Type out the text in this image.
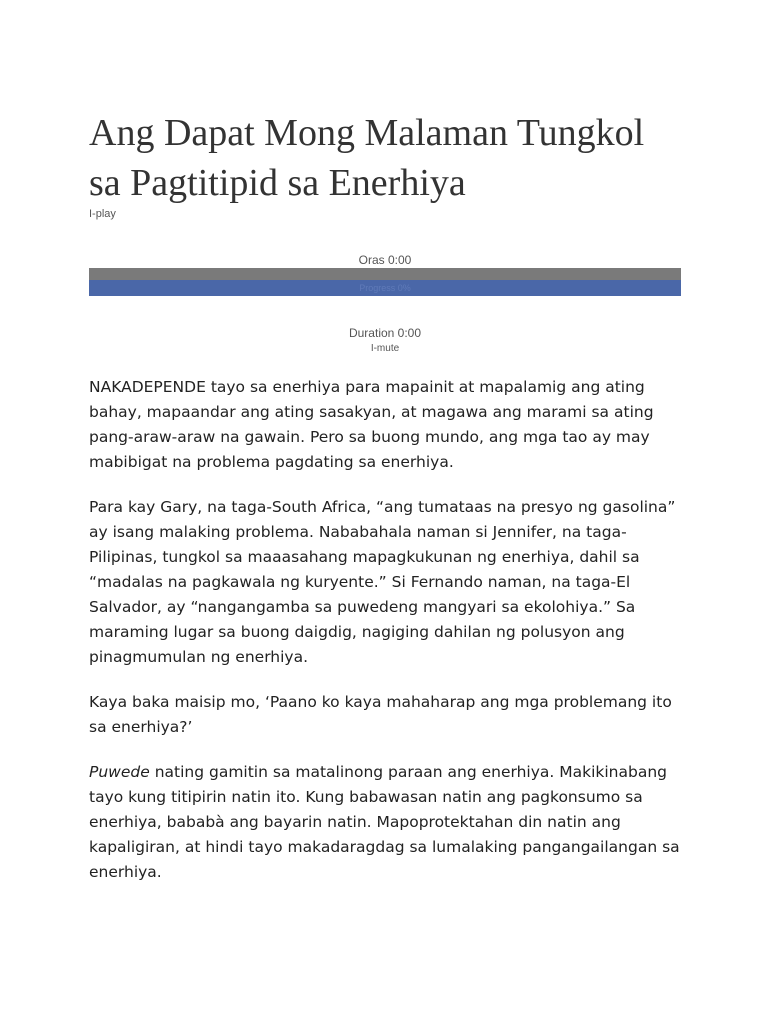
Ang Dapat Mong Malaman Tungkol sa Pagtitipid sa Enerhiya
I-play
Oras 0:00
Progress 0%
Duration 0:00
I-mute

NAKADEPENDE tayo sa enerhiya para mapainit at mapalamig ang ating bahay, mapaandar ang ating sasakyan, at magawa ang marami sa ating pang-araw-araw na gawain. Pero sa buong mundo, ang mga tao ay may mabibigat na problema pagdating sa enerhiya.

Para kay Gary, na taga-South Africa, “ang tumataas na presyo ng gasolina” ay isang malaking problema. Nababahala naman si Jennifer, na taga-Pilipinas, tungkol sa maaasahang mapagkukunan ng enerhiya, dahil sa “madalas na pagkawala ng kuryente.” Si Fernando naman, na taga-El Salvador, ay “nangangamba sa puwedeng mangyari sa ekolohiya.” Sa maraming lugar sa buong daigdig, nagiging dahilan ng polusyon ang pinagmumulan ng enerhiya.

Kaya baka maisip mo, ‘Paano ko kaya mahaharap ang mga problemang ito sa enerhiya?’

Puwede nating gamitin sa matalinong paraan ang enerhiya. Makikinabang tayo kung titipirin natin ito. Kung babawasan natin ang pagkonsumo sa enerhiya, bababà ang bayarin natin. Mapoprotektahan din natin ang kapaligiran, at hindi tayo makadaragdag sa lumalaking pangangailangan sa enerhiya.
